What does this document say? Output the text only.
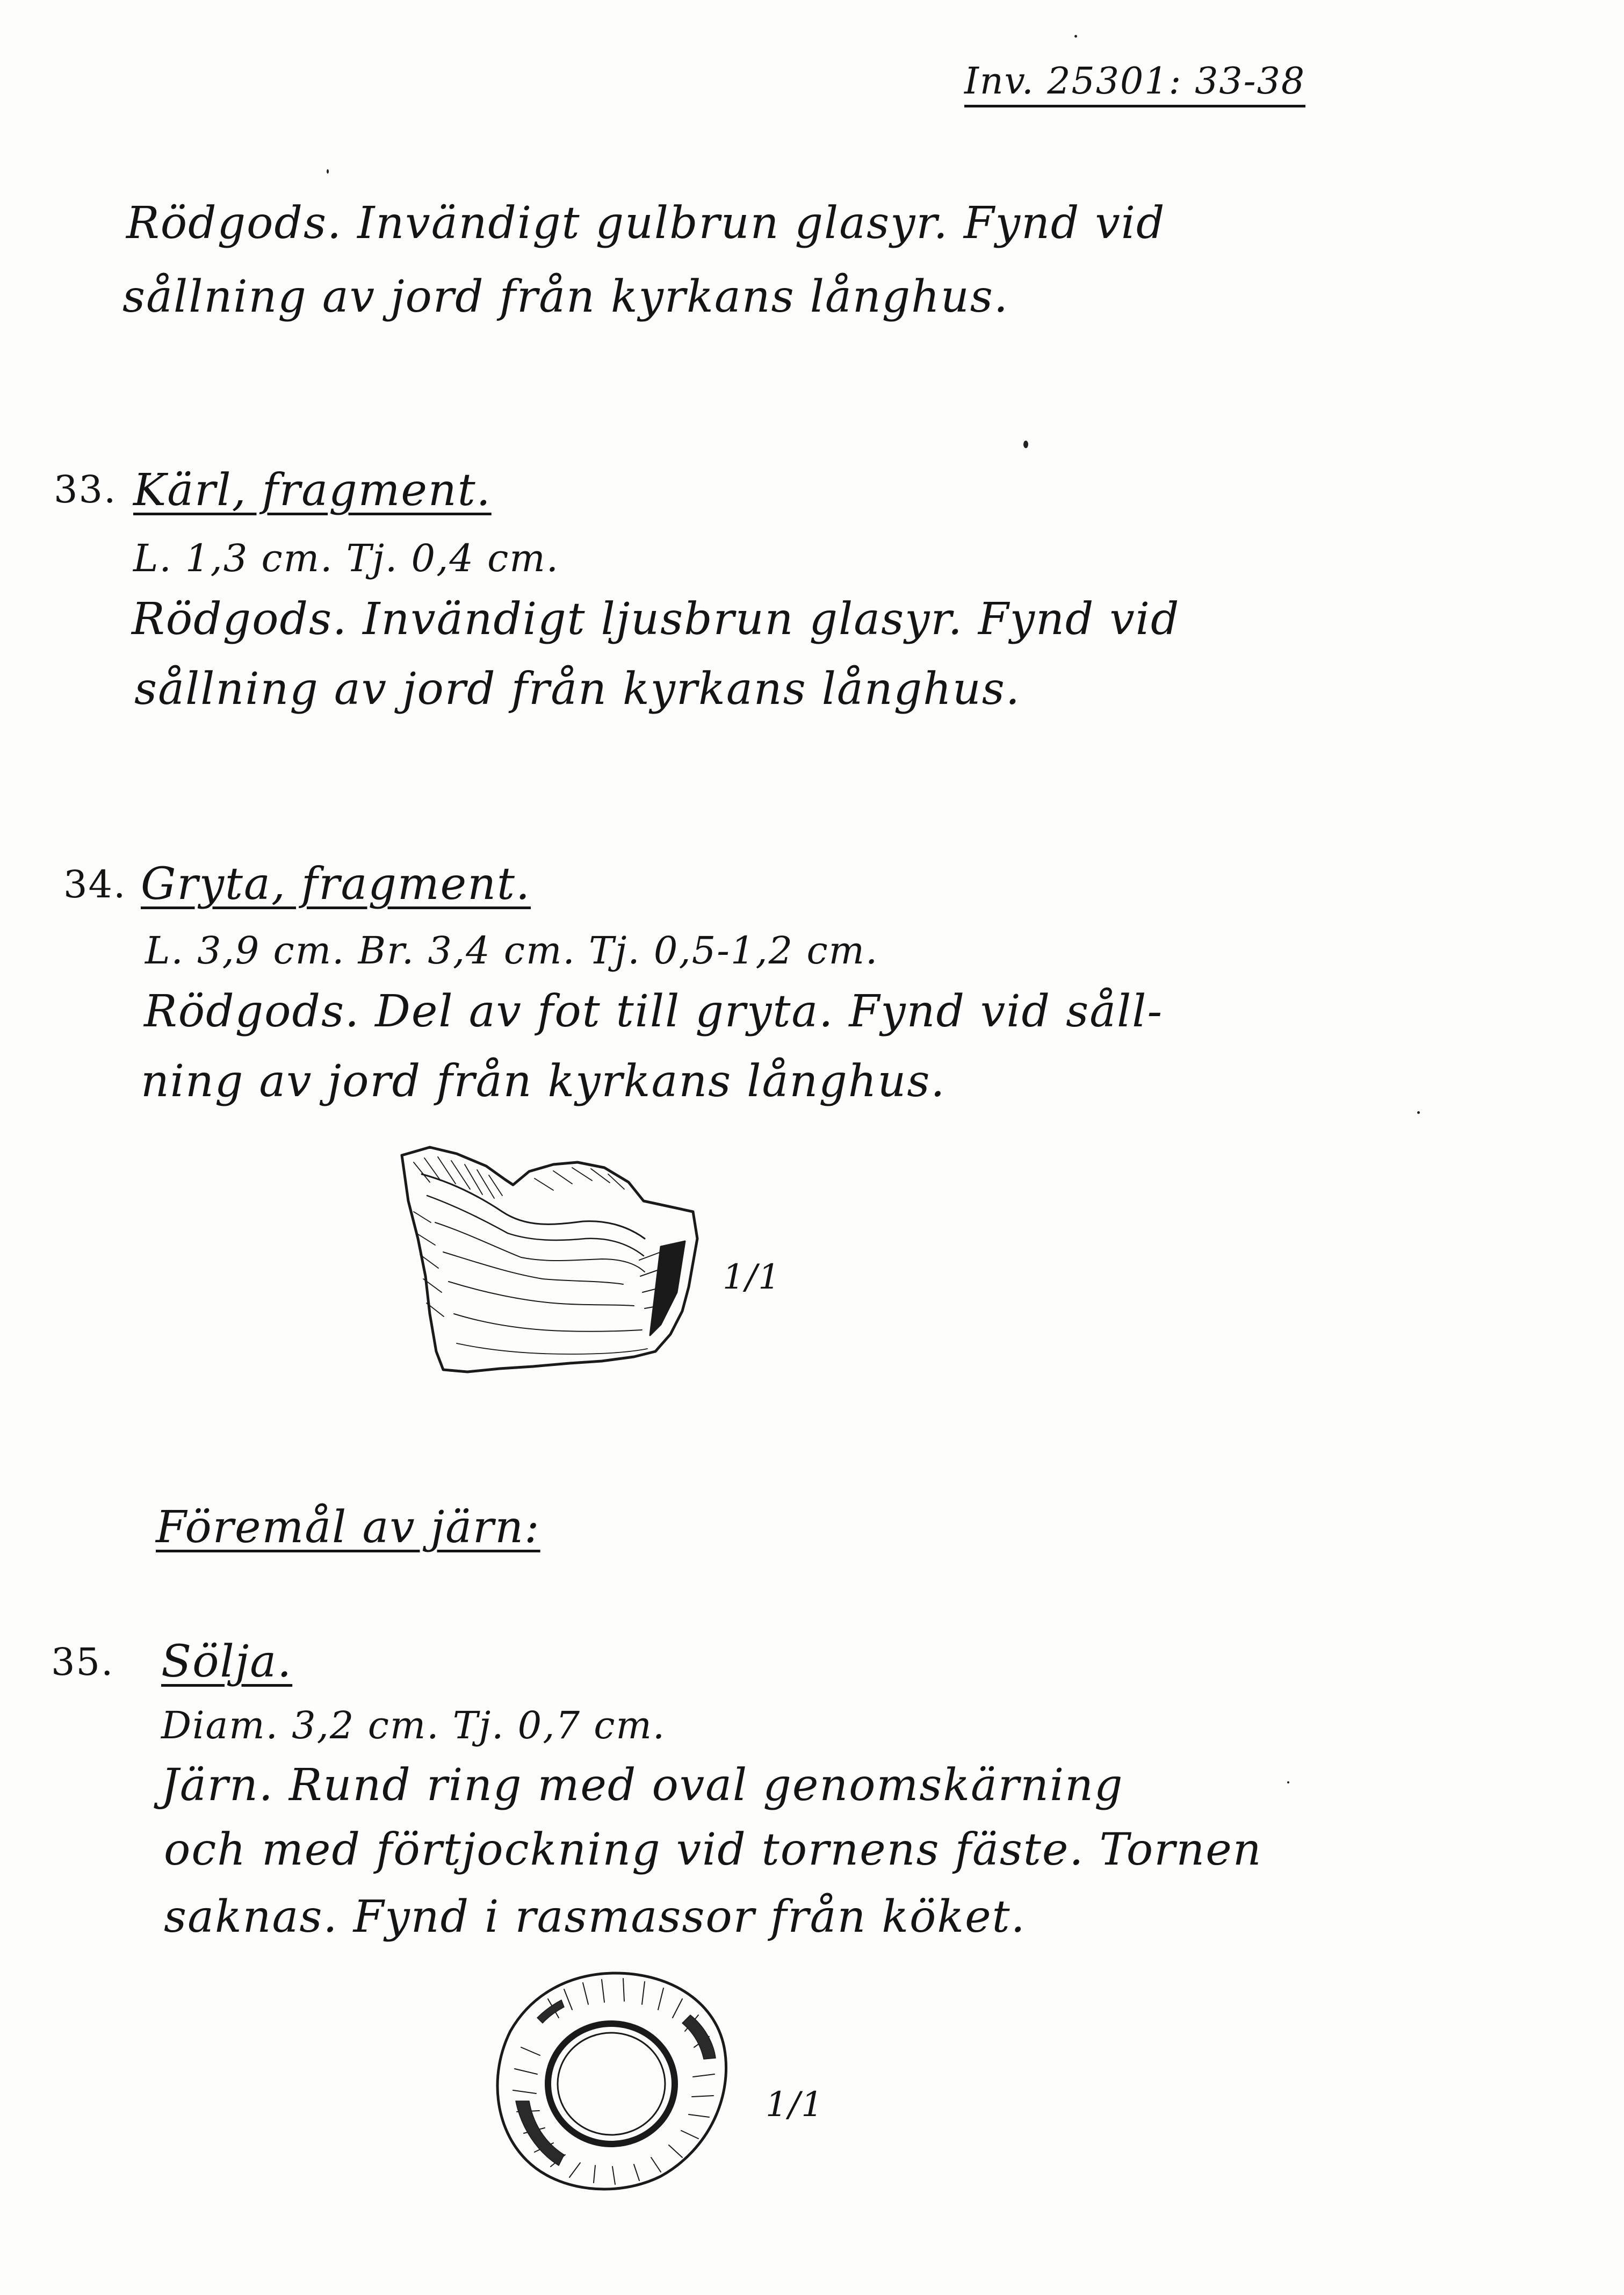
Inv. 25301: 33-38
Rödgods. Invändigt gulbrun glasyr. Fynd vid
sållning av jord från kyrkans långhus.
33. Kärl, fragment.
L. 1,3 cm. Tj. 0,4 cm.
Rödgods. Invändigt ljusbrun glasyr. Fynd vid
sållning av jord från kyrkans långhus.
34. Gryta, fragment.
L. 3,9 cm. Br. 3,4 cm. Tj. 0,5-1,2 cm.
Rödgods. Del av fot till gryta. Fynd vid såll-
ning av jord från kyrkans långhus.
1/1
Föremål av järn:
35. Sölja.
Diam. 3,2 cm. Tj. 0,7 cm.
Järn. Rund ring med oval genomskärning
och med förtjockning vid tornens fäste. Tornen
saknas. Fynd i rasmassor från köket.
1/1
